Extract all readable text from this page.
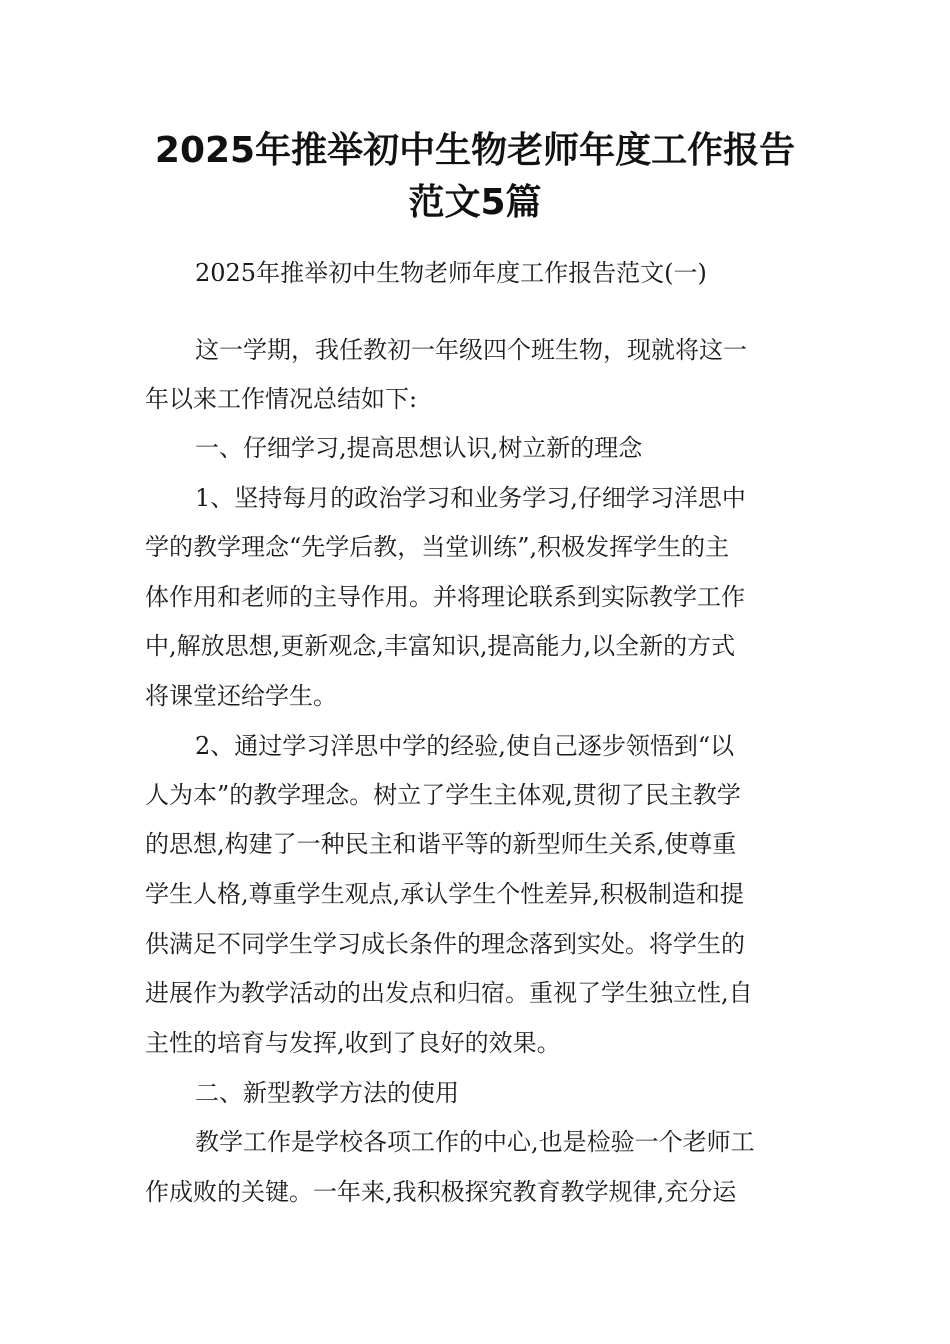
2025年推举初中生物老师年度工作报告
范文5篇
2025年推举初中生物老师年度工作报告范文(一)
这一学期，我任教初一年级四个班生物，现就将这一
年以来工作情况总结如下:
一、仔细学习,提高思想认识,树立新的理念
1、坚持每月的政治学习和业务学习,仔细学习洋思中
学的教学理念“先学后教，当堂训练”,积极发挥学生的主
体作用和老师的主导作用。并将理论联系到实际教学工作
中,解放思想,更新观念,丰富知识,提高能力,以全新的方式
将课堂还给学生。
2、通过学习洋思中学的经验,使自己逐步领悟到“以
人为本”的教学理念。树立了学生主体观,贯彻了民主教学
的思想,构建了一种民主和谐平等的新型师生关系,使尊重
学生人格,尊重学生观点,承认学生个性差异,积极制造和提
供满足不同学生学习成长条件的理念落到实处。将学生的
进展作为教学活动的出发点和归宿。重视了学生独立性,自
主性的培育与发挥,收到了良好的效果。
二、新型教学方法的使用
教学工作是学校各项工作的中心,也是检验一个老师工
作成败的关键。一年来,我积极探究教育教学规律,充分运
